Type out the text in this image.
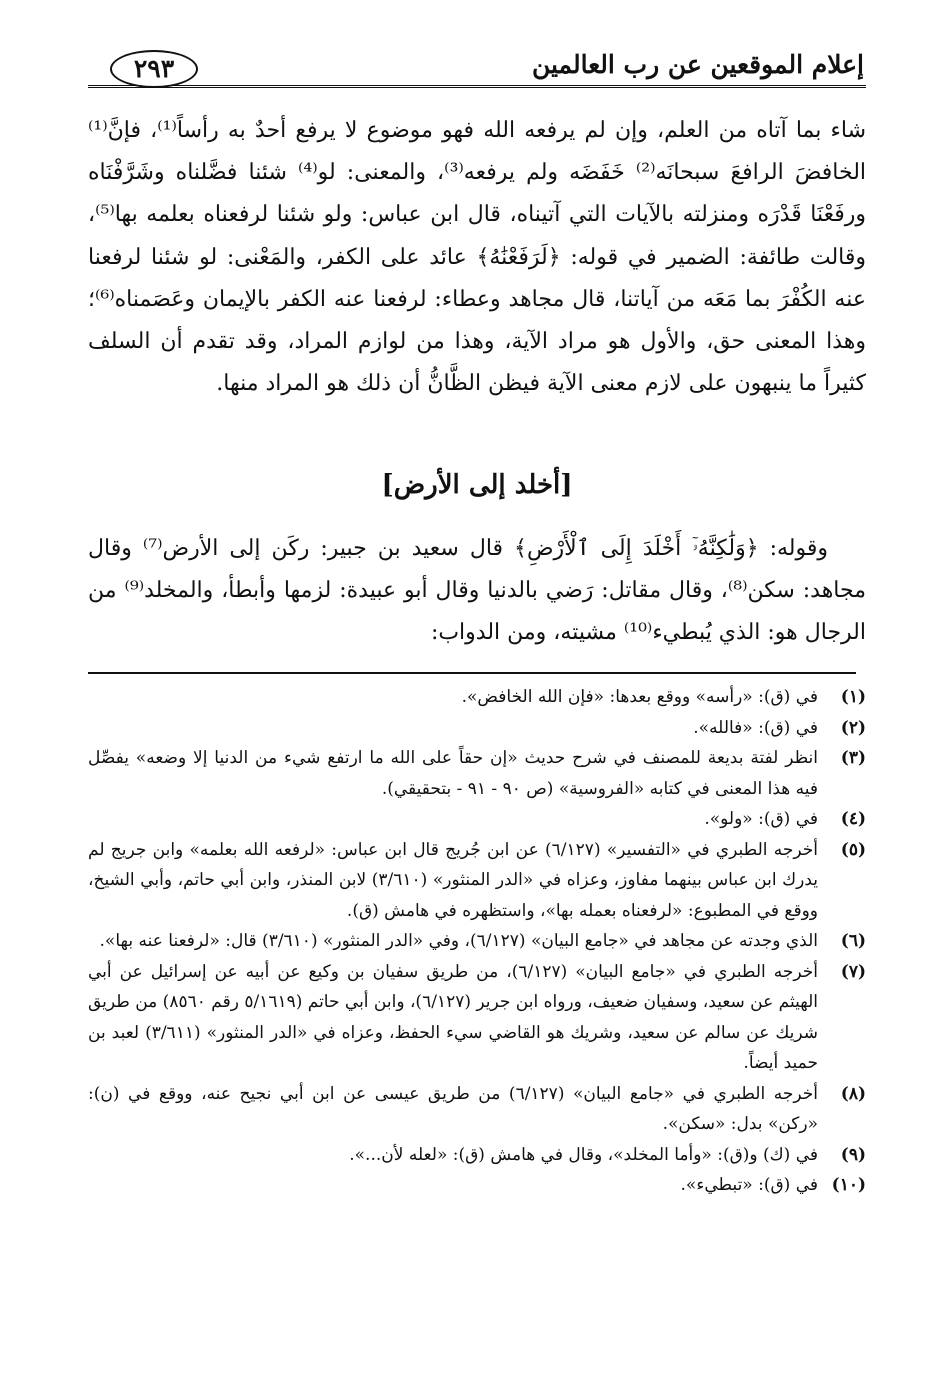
إعلام الموقعين عن رب العالمين
٢٩٣

شاء بما آتاه من العلم، وإن لم يرفعه الله فهو موضوع لا يرفع أحدٌ به رأساً⁽¹⁾، فإنَّ⁽¹⁾ الخافضَ الرافعَ سبحانَه⁽²⁾ خَفَضَه ولم يرفعه⁽³⁾، والمعنى: لو⁽⁴⁾ شئنا فضَّلناه وشَرَّفْنَاه ورفَعْنَا قَدْرَه ومنزلته بالآيات التي آتيناه، قال ابن عباس: ولو شئنا لرفعناه بعلمه بها⁽⁵⁾، وقالت طائفة: الضمير في قوله: ﴿لَرَفَعْنَٰهُ﴾ عائد على الكفر، والمَعْنى: لو شئنا لرفعنا عنه الكُفْرَ بما مَعَه من آياتنا، قال مجاهد وعطاء: لرفعنا عنه الكفر بالإيمان وعَصَمناه⁽⁶⁾؛ وهذا المعنى حق، والأول هو مراد الآية، وهذا من لوازم المراد، وقد تقدم أن السلف كثيراً ما ينبهون على لازم معنى الآية فيظن الظَّانُّ أن ذلك هو المراد منها.

[أخلد إلى الأرض]

وقوله: ﴿وَلَٰكِنَّهُۥٓ أَخْلَدَ إِلَى ٱلْأَرْضِ﴾ قال سعيد بن جبير: ركَن إلى الأرض⁽⁷⁾ وقال مجاهد: سكن⁽⁸⁾، وقال مقاتل: رَضي بالدنيا وقال أبو عبيدة: لزمها وأبطأ، والمخلد⁽⁹⁾ من الرجال هو: الذي يُبطيء⁽¹⁰⁾ مشيته، ومن الدواب:

(١)
في (ق): «رأسه» ووقع بعدها: «فإن الله الخافض».

(٢)
في (ق): «فالله».

(٣)
انظر لفتة بديعة للمصنف في شرح حديث «إن حقاً على الله ما ارتفع شيء من الدنيا إلا وضعه» يفصِّل فيه هذا المعنى في كتابه «الفروسية» (ص ٩٠ - ٩١ - بتحقيقي).

(٤)
في (ق): «ولو».

(٥)
أخرجه الطبري في «التفسير» (٦/١٢٧) عن ابن جُريج قال ابن عباس: «لرفعه الله بعلمه» وابن جريج لم يدرك ابن عباس بينهما مفاوز، وعزاه في «الدر المنثور» (٣/٦١٠) لابن المنذر، وابن أبي حاتم، وأبي الشيخ، ووقع في المطبوع: «لرفعناه بعمله بها»، واستظهره في هامش (ق).

(٦)
الذي وجدته عن مجاهد في «جامع البيان» (٦/١٢٧)، وفي «الدر المنثور» (٣/٦١٠) قال: «لرفعنا عنه بها».

(٧)
أخرجه الطبري في «جامع البيان» (٦/١٢٧)، من طريق سفيان بن وكيع عن أبيه عن إسرائيل عن أبي الهيثم عن سعيد، وسفيان ضعيف، ورواه ابن جرير (٦/١٢٧)، وابن أبي حاتم (٥/١٦١٩ رقم ٨٥٦٠) من طريق شريك عن سالم عن سعيد، وشريك هو القاضي سيء الحفظ، وعزاه في «الدر المنثور» (٣/٦١١) لعبد بن حميد أيضاً.

(٨)
أخرجه الطبري في «جامع البيان» (٦/١٢٧) من طريق عيسى عن ابن أبي نجيح عنه، ووقع في (ن): «ركن» بدل: «سكن».

(٩)
في (ك) و(ق): «وأما المخلد»، وقال في هامش (ق): «لعله لأن...».

(١٠)
في (ق): «تبطيء».
